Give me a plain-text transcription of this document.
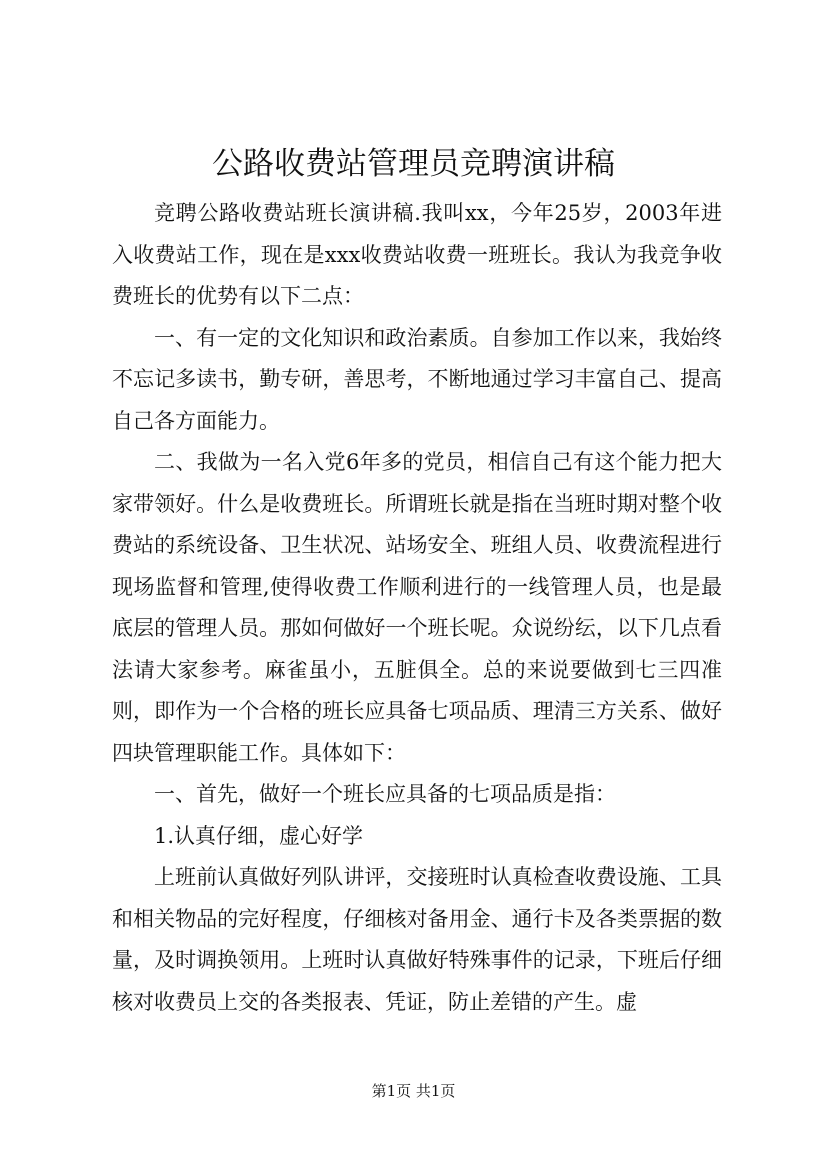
公路收费站管理员竞聘演讲稿

竞聘公路收费站班长演讲稿.我叫xx，今年25岁，2003年进入收费站工作，现在是xxx收费站收费一班班长。我认为我竞争收费班长的优势有以下二点：

一、有一定的文化知识和政治素质。自参加工作以来，我始终不忘记多读书，勤专研，善思考，不断地通过学习丰富自己、提高自己各方面能力。

二、我做为一名入党6年多的党员，相信自己有这个能力把大家带领好。什么是收费班长。所谓班长就是指在当班时期对整个收费站的系统设备、卫生状况、站场安全、班组人员、收费流程进行现场监督和管理,使得收费工作顺利进行的一线管理人员，也是最底层的管理人员。那如何做好一个班长呢。众说纷纭，以下几点看法请大家参考。麻雀虽小，五脏俱全。总的来说要做到七三四准则，即作为一个合格的班长应具备七项品质、理清三方关系、做好四块管理职能工作。具体如下：

一、首先，做好一个班长应具备的七项品质是指：

1.认真仔细，虚心好学

上班前认真做好列队讲评，交接班时认真检查收费设施、工具和相关物品的完好程度，仔细核对备用金、通行卡及各类票据的数量，及时调换领用。上班时认真做好特殊事件的记录，下班后仔细核对收费员上交的各类报表、凭证，防止差错的产生。虚

第1页 共1页
